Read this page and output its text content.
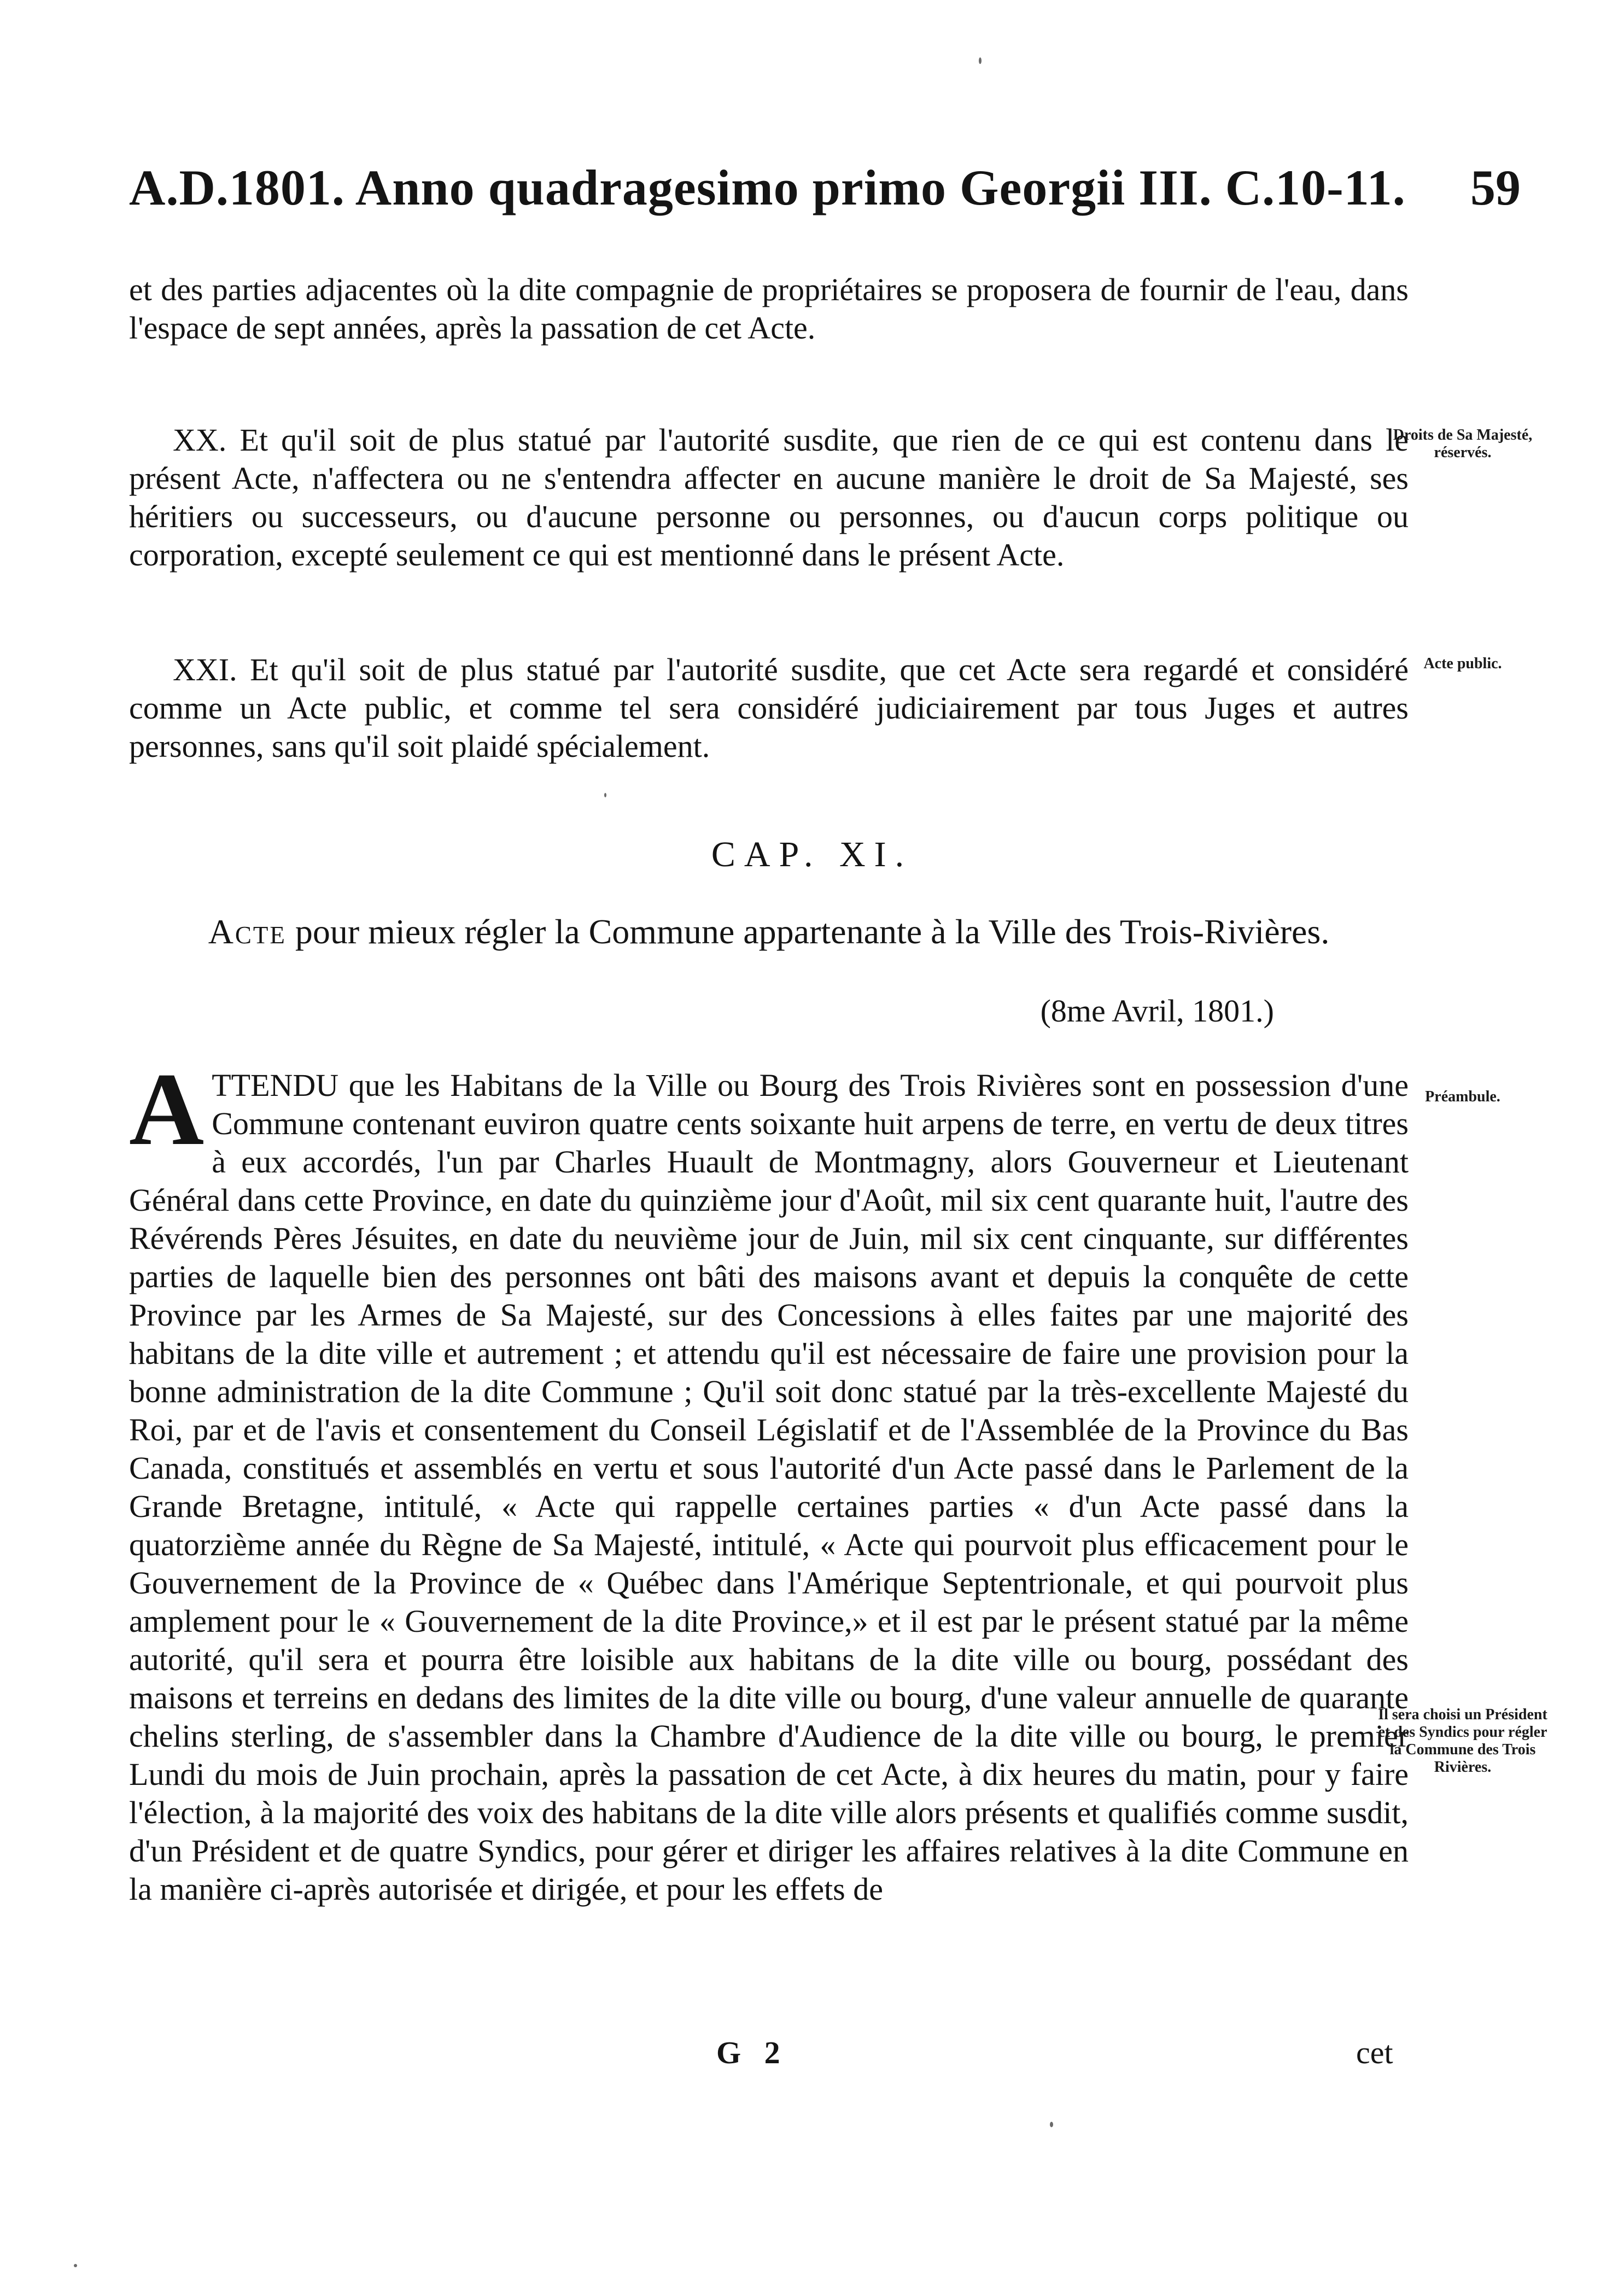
A.D.1801. Anno quadragesimo primo Georgii III. C.10-11. 59

et des parties adjacentes où la dite compagnie de propriétaires se proposera de fournir de l'eau, dans l'espace de sept années, après la passation de cet Acte.

XX. Et qu'il soit de plus statué par l'autorité susdite, que rien de ce qui est contenu dans le présent Acte, n'affectera ou ne s'entendra affecter en aucune manière le droit de Sa Majesté, ses héritiers ou successeurs, ou d'aucune personne ou personnes, ou d'aucun corps politique ou corporation, excepté seulement ce qui est mentionné dans le présent Acte.

Droits de Sa Majesté, réservés.

XXI. Et qu'il soit de plus statué par l'autorité susdite, que cet Acte sera regardé et considéré comme un Acte public, et comme tel sera considéré judiciairement par tous Juges et autres personnes, sans qu'il soit plaidé spécialement.

Acte public.
CAP. XI.
Acte pour mieux régler la Commune appartenante à la Ville des Trois-Rivières.
(8me Avril, 1801.)

ATTENDU que les Habitans de la Ville ou Bourg des Trois Rivières sont en possession d'une Commune contenant euviron quatre cents soixante huit arpens de terre, en vertu de deux titres à eux accordés, l'un par Charles Huault de Montmagny, alors Gouverneur et Lieutenant Général dans cette Province, en date du quinzième jour d'Août, mil six cent quarante huit, l'autre des Révérends Pères Jésuites, en date du neuvième jour de Juin, mil six cent cinquante, sur différentes parties de laquelle bien des personnes ont bâti des maisons avant et depuis la conquête de cette Province par les Armes de Sa Majesté, sur des Concessions à elles faites par une majorité des habitans de la dite ville et autrement ; et attendu qu'il est nécessaire de faire une provision pour la bonne administration de la dite Commune ; Qu'il soit donc statué par la très-excellente Majesté du Roi, par et de l'avis et consentement du Conseil Législatif et de l'Assemblée de la Province du Bas Canada, constitués et assemblés en vertu et sous l'autorité d'un Acte passé dans le Parlement de la Grande Bretagne, intitulé, « Acte qui rappelle certaines parties « d'un Acte passé dans la quatorzième année du Règne de Sa Majesté, intitulé, « Acte qui pourvoit plus efficacement pour le Gouvernement de la Province de « Québec dans l'Amérique Septentrionale, et qui pourvoit plus amplement pour le « Gouvernement de la dite Province,» et il est par le présent statué par la même autorité, qu'il sera et pourra être loisible aux habitans de la dite ville ou bourg, possédant des maisons et terreins en dedans des limites de la dite ville ou bourg, d'une valeur annuelle de quarante chelins sterling, de s'assembler dans la Chambre d'Audience de la dite ville ou bourg, le premier Lundi du mois de Juin prochain, après la passation de cet Acte, à dix heures du matin, pour y faire l'élection, à la majorité des voix des habitans de la dite ville alors présents et qualifiés comme susdit, d'un Président et de quatre Syndics, pour gérer et diriger les affaires relatives à la dite Commune en la manière ci-après autorisée et dirigée, et pour les effets de

Préambule.
Il sera choisi un Président et des Syndics pour régler la Commune des Trois Rivières.
G 2	cet
